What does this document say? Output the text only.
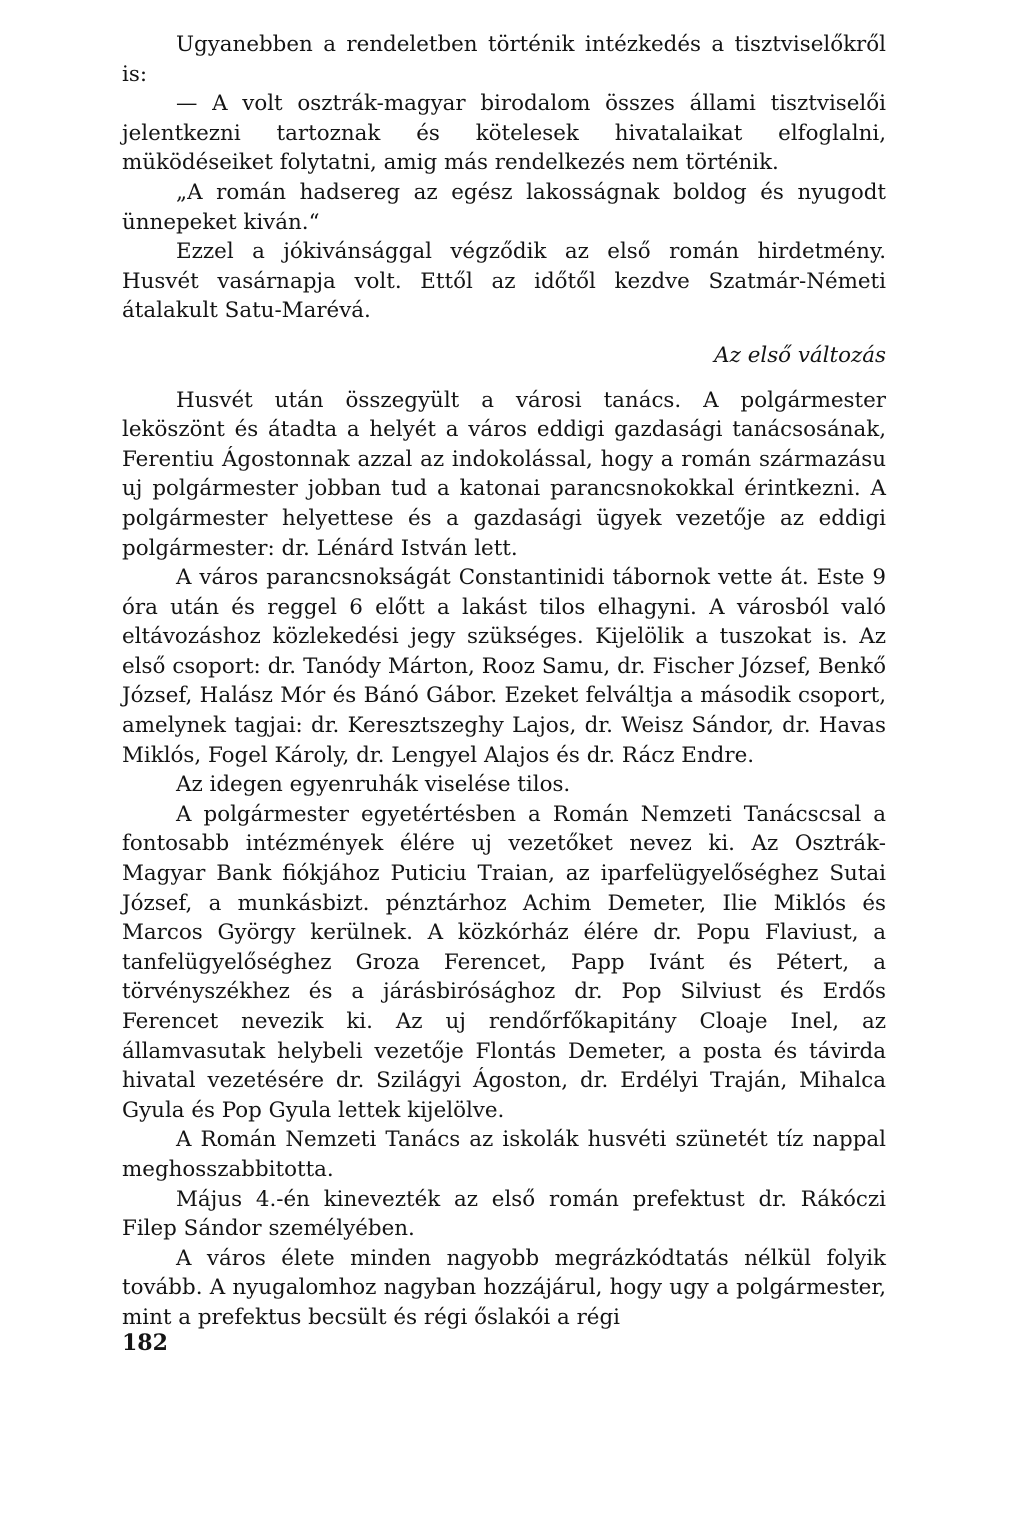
Ugyanebben a rendeletben történik intézkedés a tisztviselőkről is:

— A volt osztrák-magyar birodalom összes állami tisztviselői jelentkezni tartoznak és kötelesek hivatalaikat elfoglalni, müködéseiket folytatni, amig más rendelkezés nem történik.

„A román hadsereg az egész lakosságnak boldog és nyugodt ünnepeket kiván.“

Ezzel a jókivánsággal végződik az első román hirdetmény. Husvét vasárnapja volt. Ettől az időtől kezdve Szatmár-Németi átalakult Satu-Marévá.

Az első változás

Husvét után összegyült a városi tanács. A polgármester leköszönt és átadta a helyét a város eddigi gazdasági tanácsosának, Ferentiu Ágostonnak azzal az indokolással, hogy a román származásu uj polgármester jobban tud a katonai parancsnokokkal érintkezni. A polgármester helyettese és a gazdasági ügyek vezetője az eddigi polgármester: dr. Lénárd István lett.

A város parancsnokságát Constantinidi tábornok vette át. Este 9 óra után és reggel 6 előtt a lakást tilos elhagyni. A városból való eltávozáshoz közlekedési jegy szükséges. Kijelölik a tuszokat is. Az első csoport: dr. Tanódy Márton, Rooz Samu, dr. Fischer József, Benkő József, Halász Mór és Bánó Gábor. Ezeket felváltja a második csoport, amelynek tagjai: dr. Keresztszeghy Lajos, dr. Weisz Sándor, dr. Havas Miklós, Fogel Károly, dr. Lengyel Alajos és dr. Rácz Endre.

Az idegen egyenruhák viselése tilos.

A polgármester egyetértésben a Román Nemzeti Tanácscsal a fontosabb intézmények élére uj vezetőket nevez ki. Az Osztrák-Magyar Bank fiókjához Puticiu Traian, az iparfelügyelőséghez Sutai József, a munkásbizt. pénztárhoz Achim Demeter, Ilie Miklós és Marcos György kerülnek. A közkórház élére dr. Popu Flaviust, a tanfelügyelőséghez Groza Ferencet, Papp Ivánt és Pétert, a törvényszékhez és a járásbirósághoz dr. Pop Silviust és Erdős Ferencet nevezik ki. Az uj rendőrfőkapitány Cloaje Inel, az államvasutak helybeli vezetője Flontás Demeter, a posta és távirda hivatal vezetésére dr. Szilágyi Ágoston, dr. Erdélyi Traján, Mihalca Gyula és Pop Gyula lettek kijelölve.

A Román Nemzeti Tanács az iskolák husvéti szünetét tíz nappal meghosszabbitotta.

Május 4.-én kinevezték az első román prefektust dr. Rákóczi Filep Sándor személyében.

A város élete minden nagyobb megrázkódtatás nélkül folyik tovább. A nyugalomhoz nagyban hozzájárul, hogy ugy a polgármester, mint a prefektus becsült és régi őslakói a régi

182
